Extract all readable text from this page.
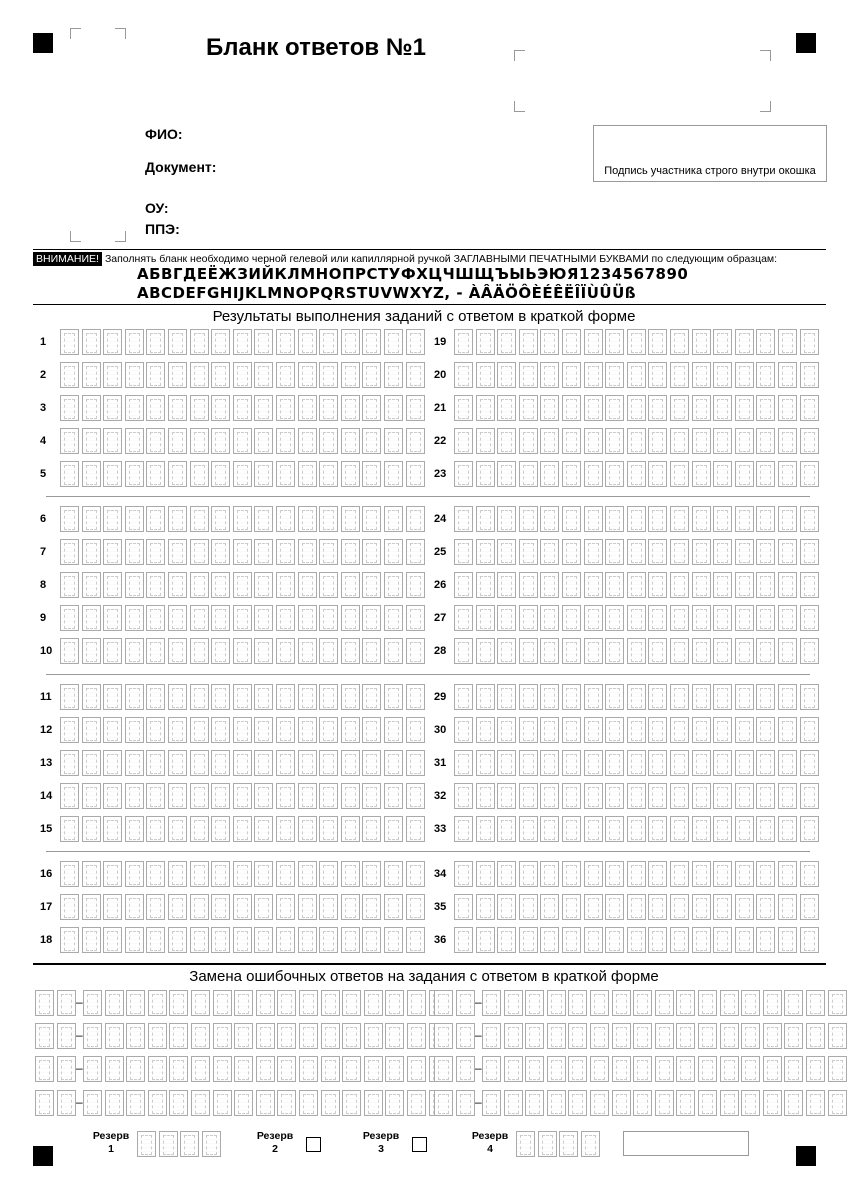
Бланк ответов №1
ФИО:
Документ:
ОУ:
ППЭ:
Подпись участника строго внутри окошка
ВНИМАНИЕ! Заполнять бланк необходимо черной гелевой или капиллярной ручкой ЗАГЛАВНЫМИ ПЕЧАТНЫМИ БУКВАМИ по следующим образцам:
АБВГДЕЁЖЗИЙКЛМНОПРСТУФХЦЧШЩЪЫЬЭЮЯ1234567890
ABCDEFGHIJKLMNOPQRSTUVWXYZ, - ÀÂÄÖÔÈÉÊËÎÏÙÛÜß
Результаты выполнения заданий с ответом в краткой форме
1	19
2	20
3	21
4	22
5	23
6	24
7	25
8	26
9	27
10	28
11	29
12	30
13	31
14	32
15	33
16	34
17	35
18	36
Замена ошибочных ответов на задания с ответом в краткой форме
–	–
–	–
–	–
–	–
Резерв
1
Резерв
2
Резерв
3
Резерв
4
